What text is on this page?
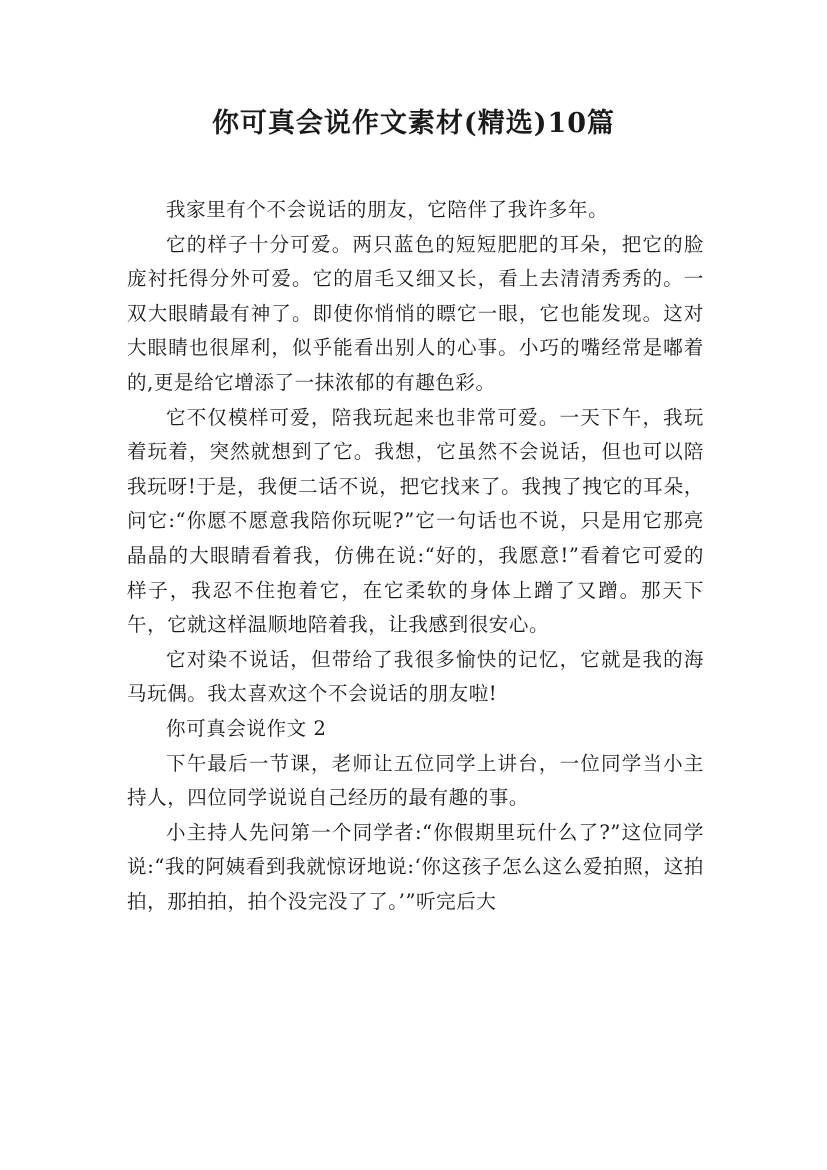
你可真会说作文素材(精选)10篇

我家里有个不会说话的朋友，它陪伴了我许多年。

它的样子十分可爱。两只蓝色的短短肥肥的耳朵，把它的脸庞衬托得分外可爱。它的眉毛又细又长，看上去清清秀秀的。一双大眼睛最有神了。即使你悄悄的瞟它一眼，它也能发现。这对大眼睛也很犀利，似乎能看出别人的心事。小巧的嘴经常是嘟着的,更是给它增添了一抹浓郁的有趣色彩。

它不仅模样可爱，陪我玩起来也非常可爱。一天下午，我玩着玩着，突然就想到了它。我想，它虽然不会说话，但也可以陪我玩呀!于是，我便二话不说，把它找来了。我拽了拽它的耳朵，问它:“你愿不愿意我陪你玩呢?”它一句话也不说，只是用它那亮晶晶的大眼睛看着我，仿佛在说:“好的，我愿意!”看着它可爱的样子，我忍不住抱着它，在它柔软的身体上蹭了又蹭。那天下午，它就这样温顺地陪着我，让我感到很安心。

它对染不说话，但带给了我很多愉快的记忆，它就是我的海马玩偶。我太喜欢这个不会说话的朋友啦!

你可真会说作文 2

下午最后一节课，老师让五位同学上讲台，一位同学当小主持人，四位同学说说自己经历的最有趣的事。

小主持人先问第一个同学者:“你假期里玩什么了?”这位同学说:“我的阿姨看到我就惊讶地说:‘你这孩子怎么这么爱拍照，这拍拍，那拍拍，拍个没完没了了。’”听完后大
